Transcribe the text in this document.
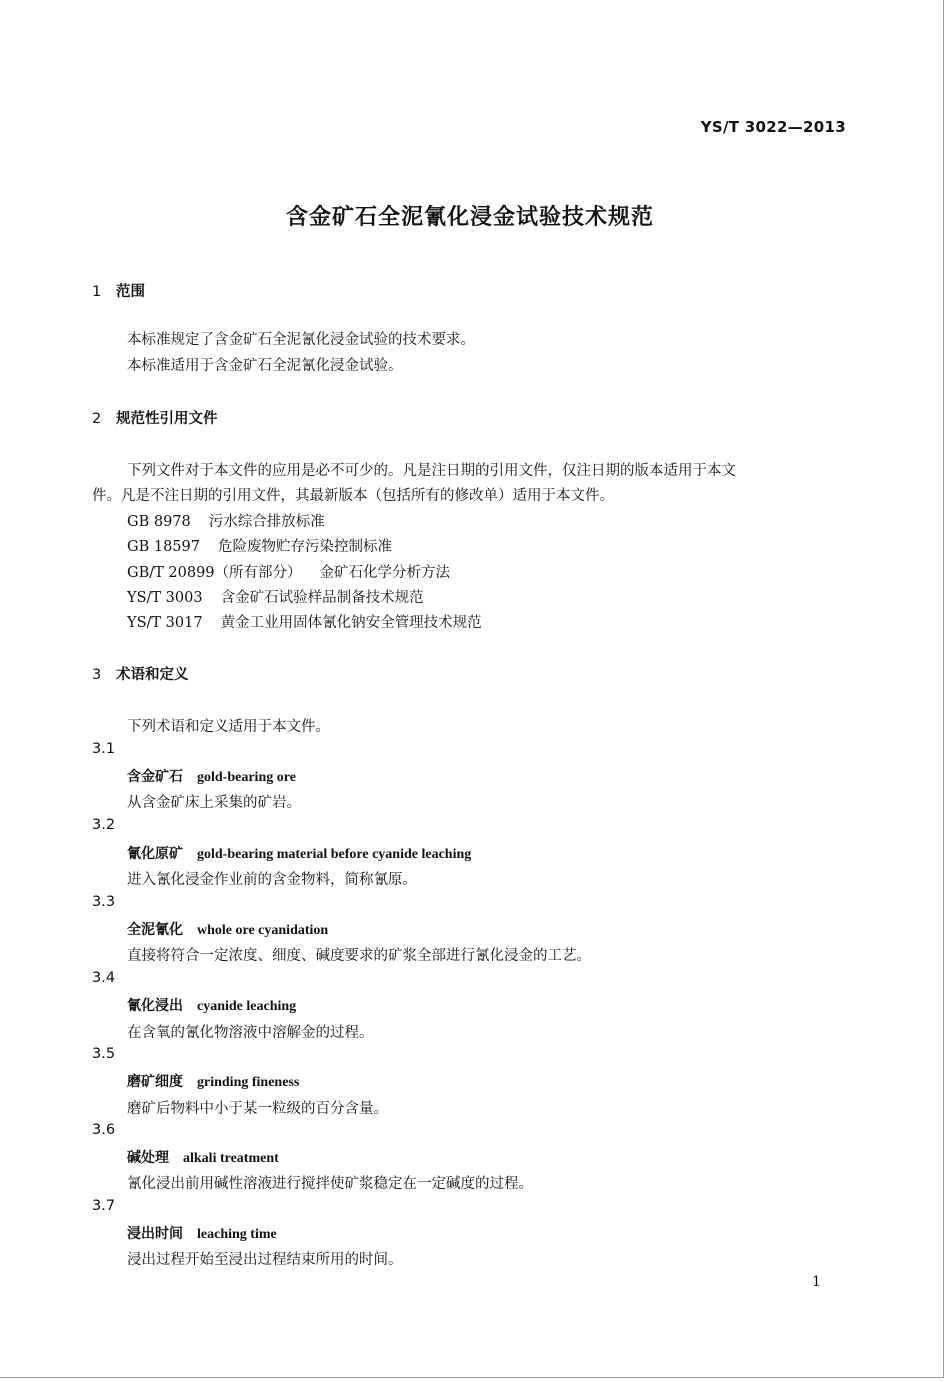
YS/T 3022—2013
含金矿石全泥氰化浸金试验技术规范
1 范围
本标准规定了含金矿石全泥氰化浸金试验的技术要求。
本标准适用于含金矿石全泥氰化浸金试验。
2 规范性引用文件
下列文件对于本文件的应用是必不可少的。凡是注日期的引用文件，仅注日期的版本适用于本文
件。凡是不注日期的引用文件，其最新版本（包括所有的修改单）适用于本文件。
GB 8978 污水综合排放标准
GB 18597 危险废物贮存污染控制标准
GB/T 20899（所有部分） 金矿石化学分析方法
YS/T 3003 含金矿石试验样品制备技术规范
YS/T 3017 黄金工业用固体氰化钠安全管理技术规范
3 术语和定义
下列术语和定义适用于本文件。
3.1
含金矿石 gold-bearing ore
从含金矿床上采集的矿岩。
3.2
氰化原矿 gold-bearing material before cyanide leaching
进入氰化浸金作业前的含金物料，简称氰原。
3.3
全泥氰化 whole ore cyanidation
直接将符合一定浓度、细度、碱度要求的矿浆全部进行氰化浸金的工艺。
3.4
氰化浸出 cyanide leaching
在含氧的氰化物溶液中溶解金的过程。
3.5
磨矿细度 grinding fineness
磨矿后物料中小于某一粒级的百分含量。
3.6
碱处理 alkali treatment
氰化浸出前用碱性溶液进行搅拌使矿浆稳定在一定碱度的过程。
3.7
浸出时间 leaching time
浸出过程开始至浸出过程结束所用的时间。
1
